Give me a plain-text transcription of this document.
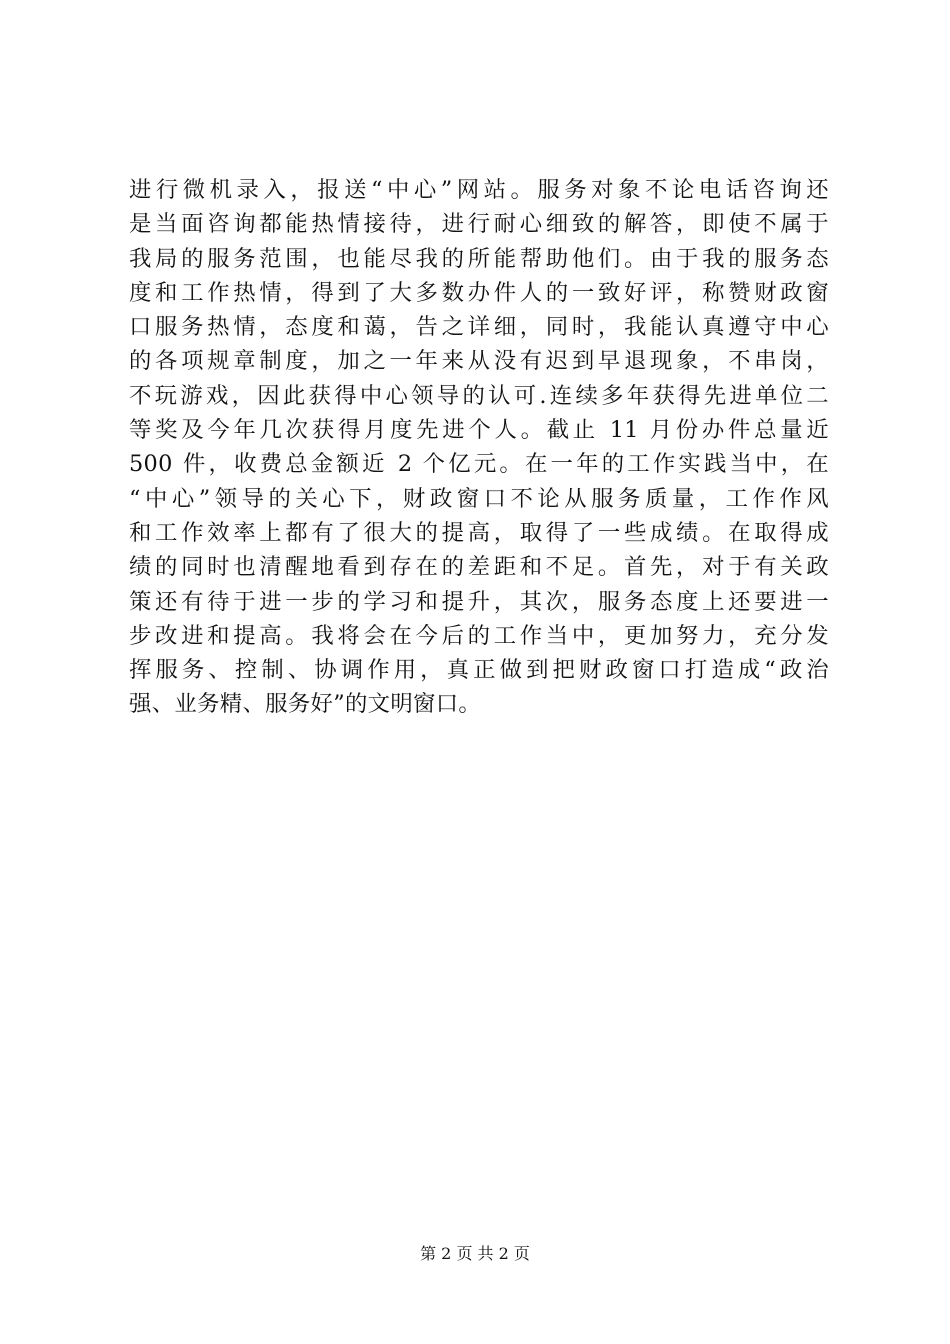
进行微机录入，报送“中心”网站。服务对象不论电话咨询还
是当面咨询都能热情接待，进行耐心细致的解答，即使不属于
我局的服务范围，也能尽我的所能帮助他们。由于我的服务态
度和工作热情，得到了大多数办件人的一致好评，称赞财政窗
口服务热情，态度和蔼，告之详细，同时，我能认真遵守中心
的各项规章制度，加之一年来从没有迟到早退现象，不串岗，
不玩游戏，因此获得中心领导的认可.连续多年获得先进单位二
等奖及今年几次获得月度先进个人。截止 11 月份办件总量近
500 件，收费总金额近 2 个亿元。在一年的工作实践当中，在
“中心”领导的关心下，财政窗口不论从服务质量，工作作风
和工作效率上都有了很大的提高，取得了一些成绩。在取得成
绩的同时也清醒地看到存在的差距和不足。首先，对于有关政
策还有待于进一步的学习和提升，其次，服务态度上还要进一
步改进和提高。我将会在今后的工作当中，更加努力，充分发
挥服务、控制、协调作用，真正做到把财政窗口打造成“政治
强、业务精、服务好”的文明窗口。
第 2 页 共 2 页
